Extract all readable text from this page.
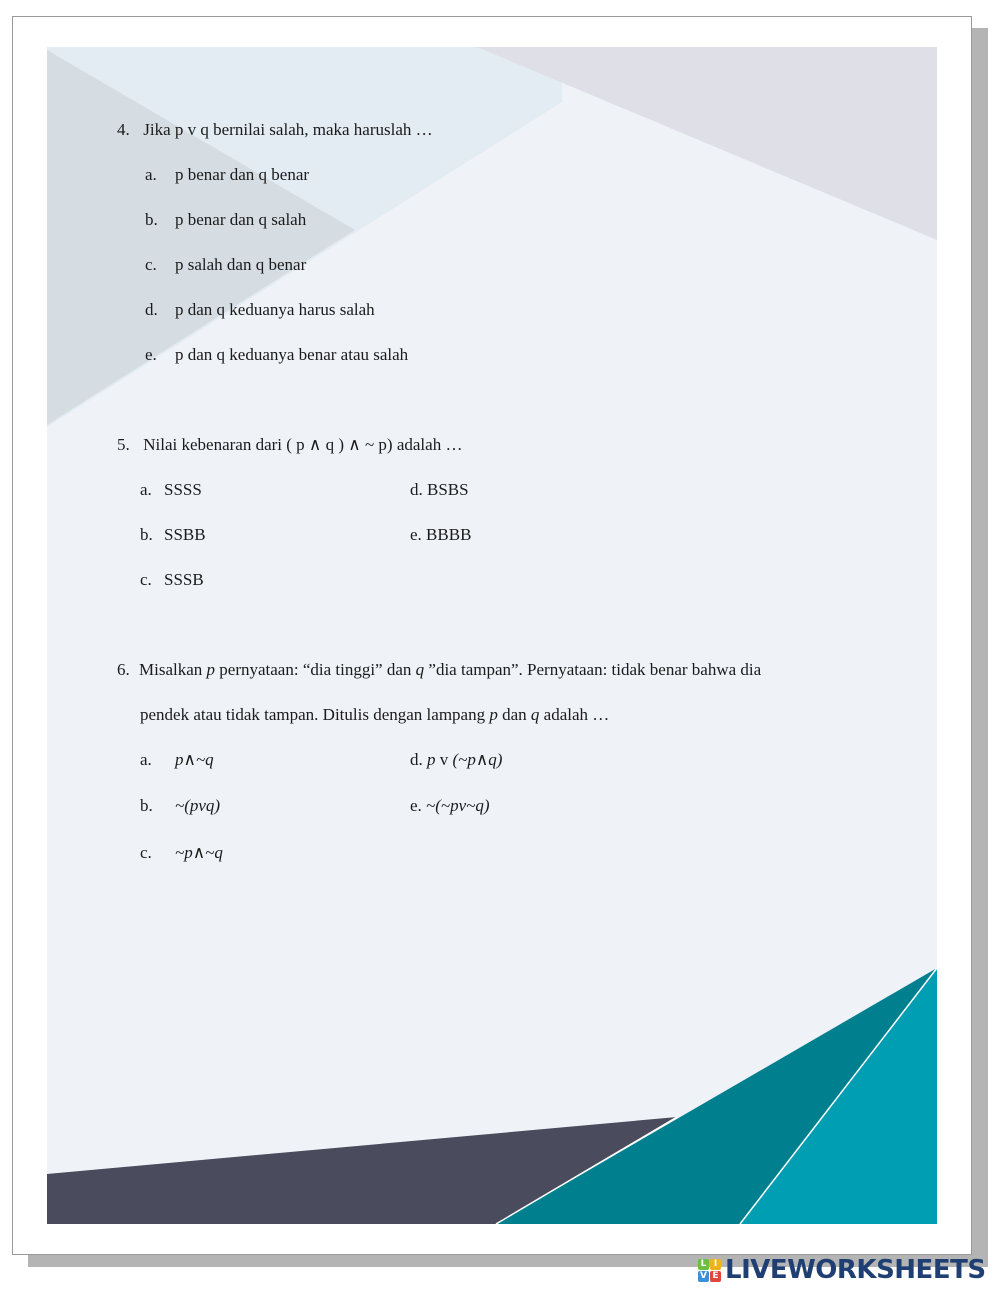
4. Jika p v q bernilai salah, maka haruslah …
a. p benar dan q benar
b. p benar dan q salah
c. p salah dan q benar
d. p dan q keduanya harus salah
e. p dan q keduanya benar atau salah
5. Nilai kebenaran dari ( p ∧ q ) ∧ ~ p) adalah …
a. SSSS
b. SSBB
c. SSSB
d. BSBS
e. BBBB
6. Misalkan p pernyataan: “dia tinggi” dan q ”dia tampan”. Pernyataan: tidak benar bahwa dia
pendek atau tidak tampan. Ditulis dengan lampang p dan q adalah …
a. p∧~q
b. ~(pvq)
c. ~p∧~q
d. p v (~p∧q)
e. ~(~pv~q)
L I
V E LIVEWORKSHEETS
